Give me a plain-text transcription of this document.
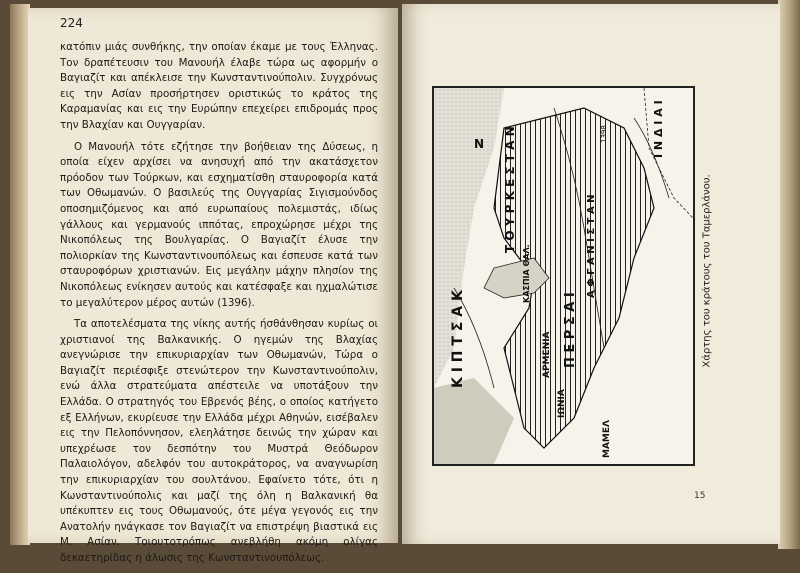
224

κατόπιν μιάς συνθήκης, την οποίαν έκαμε με τους Έλληνας. Τον δραπέτευσιν του Μανουήλ έλαβε τώρα ως αφορμήν ο Βαγιαζίτ και απέκλεισε την Κωνσταντινούπολιν. Συγχρόνως εις την Ασίαν προσήρτησεν οριστικώς το κράτος της Καραμανίας και εις την Ευρώπην επεχείρει επιδρομάς προς την Βλαχίαν και Ουγγαρίαν.

Ο Μανουήλ τότε εζήτησε την βοήθειαν της Δύσεως, η οποία είχεν αρχίσει να ανησυχή από την ακατάσχετον πρόοδον των Τούρκων, και εσχηματίσθη σταυροφορία κατά των Οθωμανών. Ο βασιλεύς της Ουγγαρίας Σιγισμούνδος οποσημιζόμενος και από ευρωπαίους πολεμιστάς, ιδίως γάλλους και γερμανούς ιππότας, επροχώρησε μέχρι της Νικοπόλεως της Βουλγαρίας. Ο Βαγιαζίτ έλυσε την πολιορκίαν της Κωνσταντινουπόλεως και έσπευσε κατά των σταυροφόρων χριστιανών. Εις μεγάλην μάχην πλησίον της Νικοπόλεως ενίκησεν αυτούς και κατέσφαξε και ηχμαλώτισε το μεγαλύτερον μέρος αυτών (1396).

Τα αποτελέσματα της νίκης αυτής ήσθάνθησαν κυρίως οι χριστιανοί της Βαλκανικής. Ο ηγεμών της Βλαχίας ανεγνώρισε την επικυριαρχίαν των Οθωμανών, Τώρα ο Βαγιαζίτ περιέσφιξε στενώτερον την Κωνσταντινούπολιν, ενώ άλλα στρατεύματα απέστειλε να υποτάξουν την Ελλάδα. Ο στρατηγός του Εβρενός βέης, ο οποίος κατήγετο εξ Ελλήνων, εκυρίευσε την Ελλάδα μέχρι Αθηνών, εισέβαλεν εις την Πελοπόννησον, ελεηλάτησε δεινώς την χώραν και υπεχρέωσε τον δεσπότην του Μυστρά Θεόδωρον Παλαιολόγον, αδελφόν του αυτοκράτορος, να αναγνωρίση την επικυριαρχίαν του σουλτάνου. Εφαίνετο τότε, ότι η Κωνσταντινούπολις και μαζί της όλη η Βαλκανική θα υπέκυπτεν εις τους Οθωμανούς, ότε μέγα γεγονός εις την Ανατολήν ηνάγκασε τον Βαγιαζίτ να επιστρέψη βιαστικά εις Μ. Ασίαν. Τοιουτοτρόπως ανεβλήθη ακόμη ολίγας δεκαετηρίδας η άλωσις της Κωνσταντινουπόλεως.

Κ Ι Π Τ Σ Α Κ
Τ Ο Υ Ρ Κ Ε Σ Τ Α Ν
Π Ε Ρ Σ Α Ι
Α Φ Γ Α Ν Ι Σ Τ Α Ν
Ι Ν Δ Ι Α Ι
ΚΑΣΠΙΑ ΘΑΛ.
ΑΡΜΕΝΙΑ
ΙΩΝΙΑ
ΜΑΜΕΛ
N
1398
Χάρτης του κράτους του Ταμερλάνου.
15
